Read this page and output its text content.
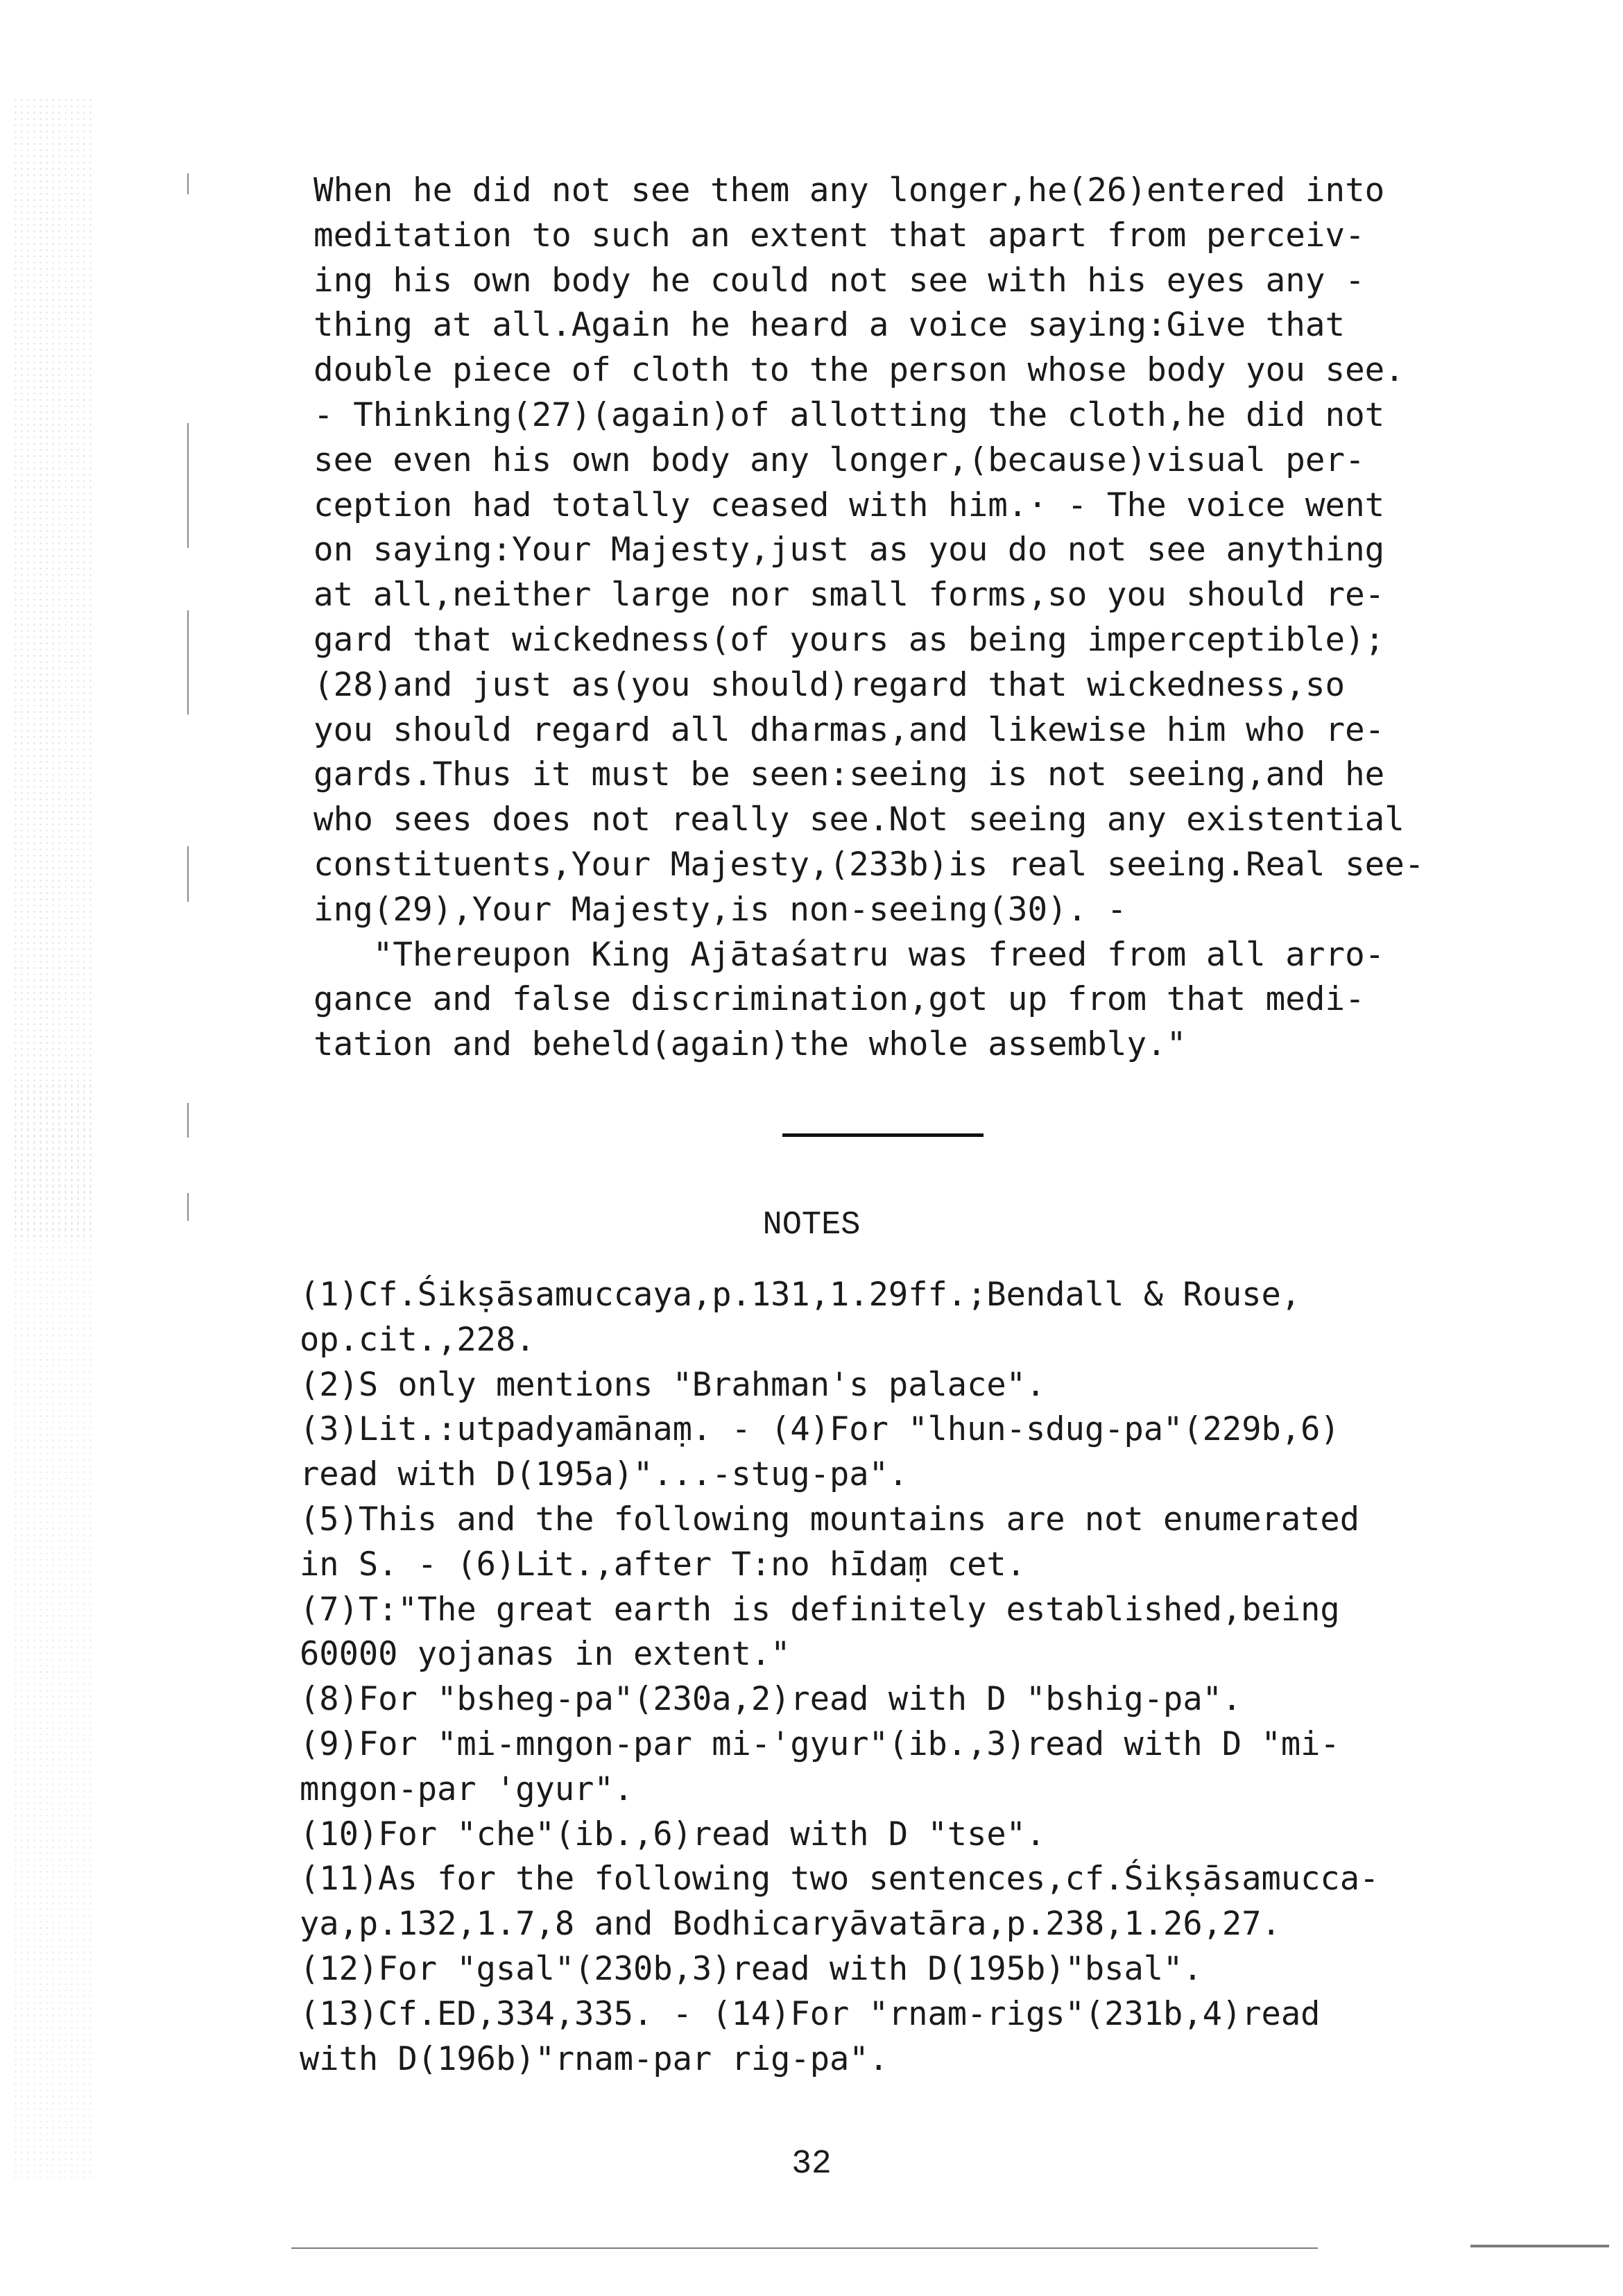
When he did not see them any longer,he(26)entered into
meditation to such an extent that apart from perceiv-
ing his own body he could not see with his eyes any -
thing at all.Again he heard a voice saying:Give that
double piece of cloth to the person whose body you see.
- Thinking(27)(again)of allotting the cloth,he did not
see even his own body any longer,(because)visual per-
ception had totally ceased with him.· - The voice went
on saying:Your Majesty,just as you do not see anything
at all,neither large nor small forms,so you should re-
gard that wickedness(of yours as being imperceptible);
(28)and just as(you should)regard that wickedness,so
you should regard all dharmas,and likewise him who re-
gards.Thus it must be seen:seeing is not seeing,and he
who sees does not really see.Not seeing any existential
constituents,Your Majesty,(233b)is real seeing.Real see-
ing(29),Your Majesty,is non-seeing(30). -
"Thereupon King Ajātaśatru was freed from all arro-
gance and false discrimination,got up from that medi-
tation and beheld(again)the whole assembly."
NOTES
(1)Cf.Śikṣāsamuccaya,p.131,1.29ff.;Bendall & Rouse,
op.cit.,228.
(2)S only mentions "Brahman's palace".
(3)Lit.:utpadyamānaṃ. - (4)For "lhun-sdug-pa"(229b,6)
read with D(195a)"...-stug-pa".
(5)This and the following mountains are not enumerated
in S. - (6)Lit.,after T:no hīdaṃ cet.
(7)T:"The great earth is definitely established,being
60000 yojanas in extent."
(8)For "bsheg-pa"(230a,2)read with D "bshig-pa".
(9)For "mi-mngon-par mi-'gyur"(ib.,3)read with D "mi-
mngon-par 'gyur".
(10)For "che"(ib.,6)read with D "tse".
(11)As for the following two sentences,cf.Śikṣāsamucca-
ya,p.132,1.7,8 and Bodhicaryāvatāra,p.238,1.26,27.
(12)For "gsal"(230b,3)read with D(195b)"bsal".
(13)Cf.ED,334,335. - (14)For "rnam-rigs"(231b,4)read
with D(196b)"rnam-par rig-pa".
32
